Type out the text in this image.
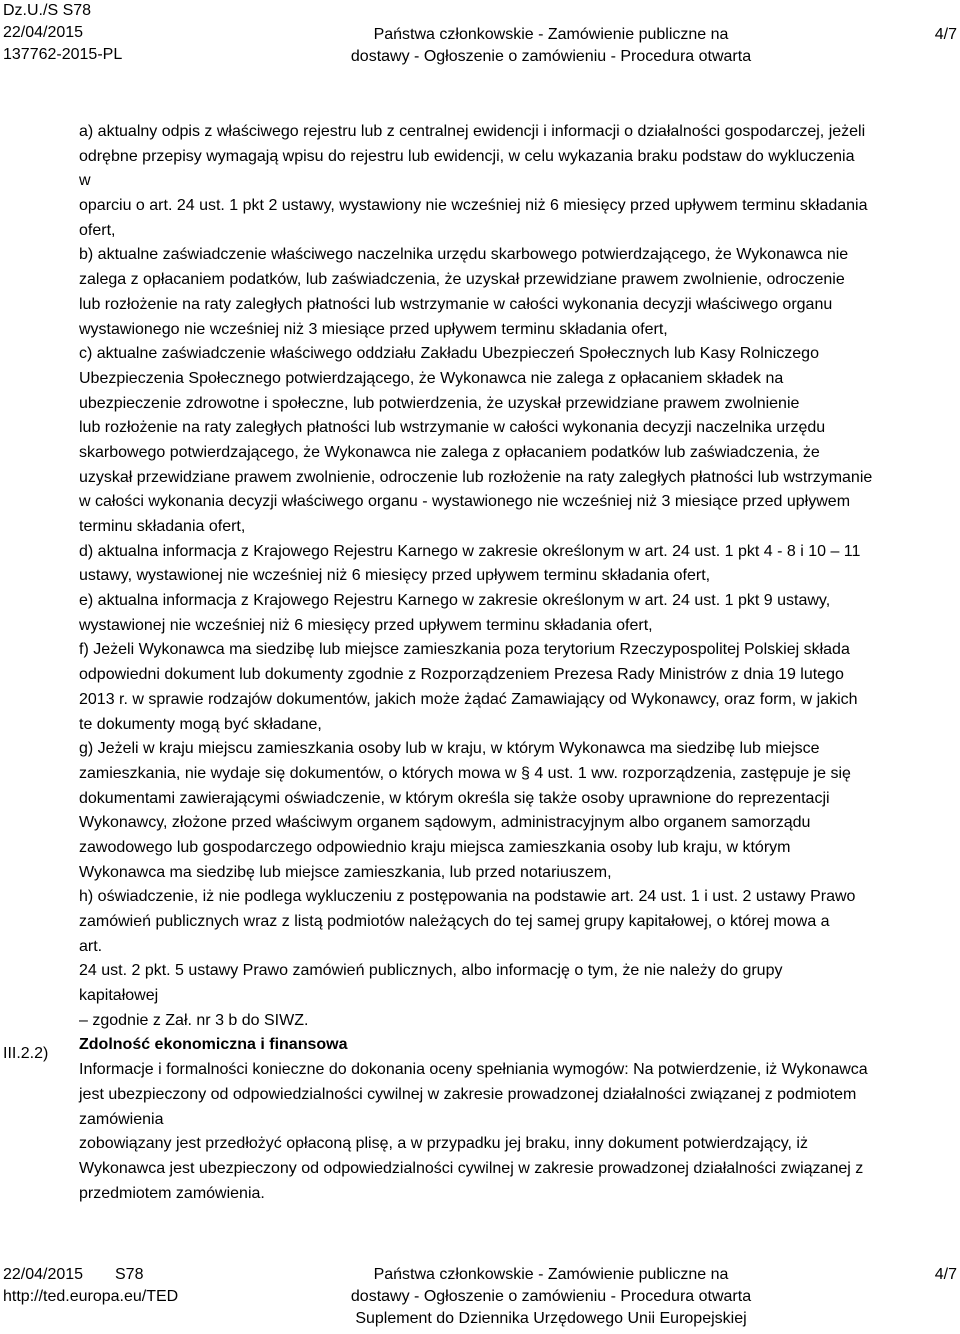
Dz.U./S S78
22/04/2015
137762-2015-PL
Państwa członkowskie - Zamówienie publiczne na
dostawy - Ogłoszenie o zamówieniu - Procedura otwarta
4/7
a) aktualny odpis z właściwego rejestru lub z centralnej ewidencji i informacji o działalności gospodarczej, jeżeli
odrębne przepisy wymagają wpisu do rejestru lub ewidencji, w celu wykazania braku podstaw do wykluczenia
w
oparciu o art. 24 ust. 1 pkt 2 ustawy, wystawiony nie wcześniej niż 6 miesięcy przed upływem terminu składania
ofert,
b) aktualne zaświadczenie właściwego naczelnika urzędu skarbowego potwierdzającego, że Wykonawca nie
zalega z opłacaniem podatków, lub zaświadczenia, że uzyskał przewidziane prawem zwolnienie, odroczenie
lub rozłożenie na raty zaległych płatności lub wstrzymanie w całości wykonania decyzji właściwego organu
wystawionego nie wcześniej niż 3 miesiące przed upływem terminu składania ofert,
c) aktualne zaświadczenie właściwego oddziału Zakładu Ubezpieczeń Społecznych lub Kasy Rolniczego
Ubezpieczenia Społecznego potwierdzającego, że Wykonawca nie zalega z opłacaniem składek na
ubezpieczenie zdrowotne i społeczne, lub potwierdzenia, że uzyskał przewidziane prawem zwolnienie
lub rozłożenie na raty zaległych płatności lub wstrzymanie w całości wykonania decyzji naczelnika urzędu
skarbowego potwierdzającego, że Wykonawca nie zalega z opłacaniem podatków lub zaświadczenia, że
uzyskał przewidziane prawem zwolnienie, odroczenie lub rozłożenie na raty zaległych płatności lub wstrzymanie
w całości wykonania decyzji właściwego organu - wystawionego nie wcześniej niż 3 miesiące przed upływem
terminu składania ofert,
d) aktualna informacja z Krajowego Rejestru Karnego w zakresie określonym w art. 24 ust. 1 pkt 4 - 8 i 10 – 11
ustawy, wystawionej nie wcześniej niż 6 miesięcy przed upływem terminu składania ofert,
e) aktualna informacja z Krajowego Rejestru Karnego w zakresie określonym w art. 24 ust. 1 pkt 9 ustawy,
wystawionej nie wcześniej niż 6 miesięcy przed upływem terminu składania ofert,
f) Jeżeli Wykonawca ma siedzibę lub miejsce zamieszkania poza terytorium Rzeczypospolitej Polskiej składa
odpowiedni dokument lub dokumenty zgodnie z Rozporządzeniem Prezesa Rady Ministrów z dnia 19 lutego
2013 r. w sprawie rodzajów dokumentów, jakich może żądać Zamawiający od Wykonawcy, oraz form, w jakich
te dokumenty mogą być składane,
g) Jeżeli w kraju miejscu zamieszkania osoby lub w kraju, w którym Wykonawca ma siedzibę lub miejsce
zamieszkania, nie wydaje się dokumentów, o których mowa w § 4 ust. 1 ww. rozporządzenia, zastępuje je się
dokumentami zawierającymi oświadczenie, w którym określa się także osoby uprawnione do reprezentacji
Wykonawcy, złożone przed właściwym organem sądowym, administracyjnym albo organem samorządu
zawodowego lub gospodarczego odpowiednio kraju miejsca zamieszkania osoby lub kraju, w którym
Wykonawca ma siedzibę lub miejsce zamieszkania, lub przed notariuszem,
h) oświadczenie, iż nie podlega wykluczeniu z postępowania na podstawie art. 24 ust. 1 i ust. 2 ustawy Prawo
zamówień publicznych wraz z listą podmiotów należących do tej samej grupy kapitałowej, o której mowa a
art.
24 ust. 2 pkt. 5 ustawy Prawo zamówień publicznych, albo informację o tym, że nie należy do grupy
kapitałowej
– zgodnie z Zał. nr 3 b do SIWZ.
Zdolność ekonomiczna i finansowa
Informacje i formalności konieczne do dokonania oceny spełniania wymogów: Na potwierdzenie, iż Wykonawca
jest ubezpieczony od odpowiedzialności cywilnej w zakresie prowadzonej działalności związanej z podmiotem
zamówienia
zobowiązany jest przedłożyć opłaconą plisę, a w przypadku jej braku, inny dokument potwierdzający, iż
Wykonawca jest ubezpieczony od odpowiedzialności cywilnej w zakresie prowadzonej działalności związanej z
przedmiotem zamówienia.
III.2.2)
22/04/2015 S78
http://ted.europa.eu/TED
Państwa członkowskie - Zamówienie publiczne na
dostawy - Ogłoszenie o zamówieniu - Procedura otwarta
Suplement do Dziennika Urzędowego Unii Europejskiej
4/7
